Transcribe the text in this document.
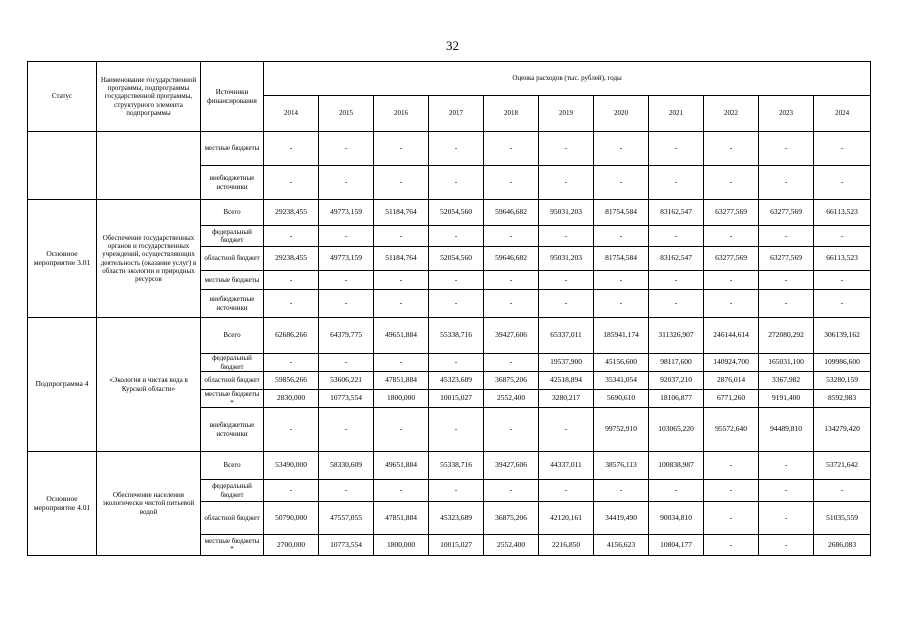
32
Статус	Наименование государственной программы, подпрограммы государственной программы, структурного элемента подпрограммы	Источники финансирования	Оценка расходов (тыс. рублей), годы										
			2014	2015	2016	2017	2018	2019	2020	2021	2022	2023	2024
		местные бюджеты	-	-	-	-	-	-	-	-	-	-	-
		внебюджетные источники	-	-	-	-	-	-	-	-	-	-	-
Основное мероприятие 3.01	Обеспечение государственных органов и государственных учреждений, осуществляющих деятельность (оказание услуг) в области экологии и природных ресурсов	Всего	29238,455	49773,159	51184,764	52054,560	59646,682	95031,203	81754,584	83162,547	63277,569	63277,569	66113,523
		федеральный бюджет	-	-	-	-	-	-	-	-	-	-	-
		областной бюджет	29238,455	49773,159	51184,764	52054,560	59646,682	95031,203	81754,584	83162,547	63277,569	63277,569	66113,523
		местные бюджеты	-	-	-	-	-	-	-	-	-	-	-
		внебюджетные источники	-	-	-	-	-	-	-	-	-	-	-
Подпрограмма 4	«Экология и чистая вода в Курской области»	Всего	62686,266	64379,775	49651,884	55338,716	39427,606	65337,011	185941,174	311326,907	246144,614	272080,292	306139,162
		федеральный бюджет	-	-	-	-	-	19537,900	45156,600	98117,600	140924,700	165031,100	109986,600
		областной бюджет	59856,266	53606,221	47851,884	45323,689	36875,206	42518,894	35341,054	92037,210	2876,014	3367,982	53280,159
		местные бюджеты *	2830,000	10773,554	1800,000	10015,027	2552,400	3280,217	5690,610	18106,877	6771,260	9191,400	8592,983
		внебюджетные источники	-	-	-	-	-	-	99752,910	103065,220	95572,640	94489,810	134279,420
Основное мероприятие 4.01	Обеспечение населения экологически чистой питьевой водой	Всего	53490,000	58330,609	49651,884	55338,716	39427,606	44337,011	38576,113	100838,987	-	-	53721,642
		федеральный бюджет	-	-	-	-	-	-	-	-	-	-	-
		областной бюджет	50790,000	47557,055	47851,884	45323,689	36875,206	42120,161	34419,490	90034,810	-	-	51035,559
		местные бюджеты *	2700,000	10773,554	1800,000	10015,027	2552,400	2216,850	4156,623	10804,177	-	-	2686,083
